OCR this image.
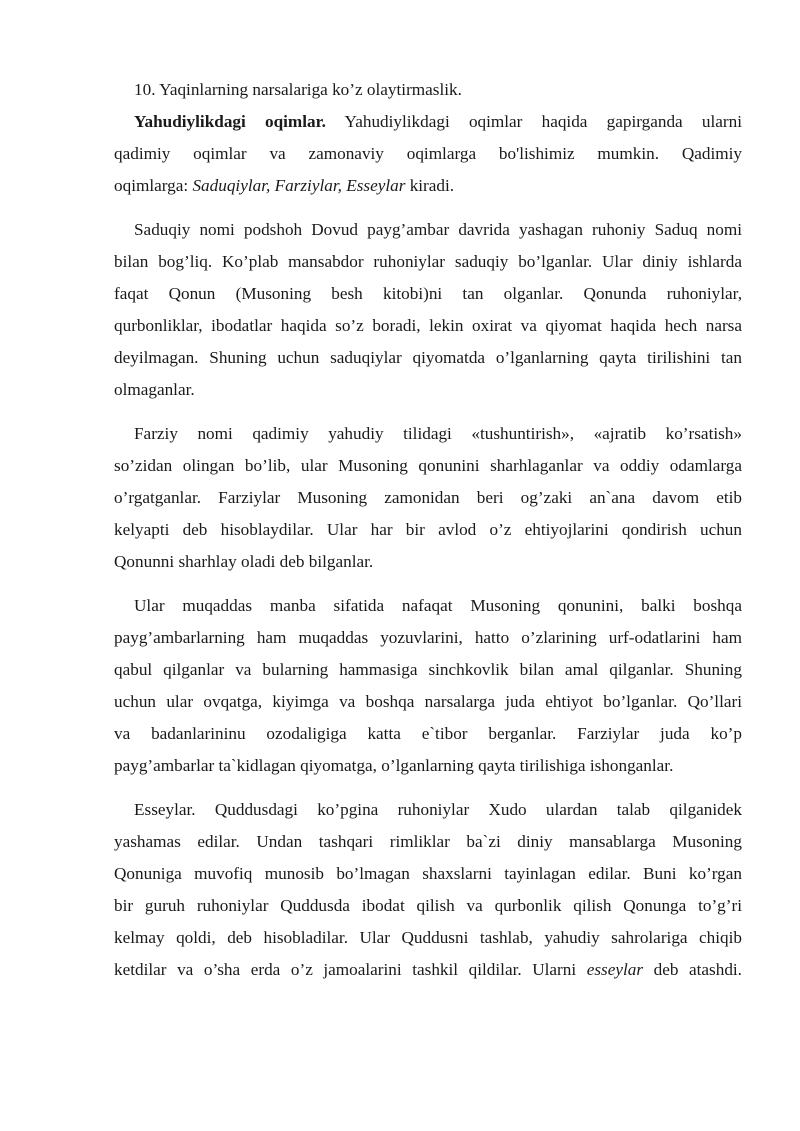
10. Yaqinlarning narsalariga ko’z olaytirmaslik.

Yahudiylikdagi oqimlar. Yahudiylikdagi oqimlar haqida gapirganda ularni
qadimiy oqimlar va zamonaviy oqimlarga bo'lishimiz mumkin. Qadimiy

oqimlarga: Saduqiylar, Farziylar, Esseylar kiradi.

Saduqiy nomi podshoh Dovud payg’ambar davrida yashagan ruhoniy Saduq nomi
bilan bog’liq. Ko’plab mansabdor ruhoniylar saduqiy bo’lganlar. Ular diniy ishlarda
faqat Qonun (Musoning besh kitobi)ni tan olganlar. Qonunda ruhoniylar,
qurbonliklar, ibodatlar haqida so’z boradi, lekin oxirat va qiyomat haqida hech narsa
deyilmagan. Shuning uchun saduqiylar qiyomatda o’lganlarning qayta tirilishini tan

olmaganlar.

Farziy nomi qadimiy yahudiy tilidagi «tushuntirish», «ajratib ko’rsatish»
so’zidan olingan bo’lib, ular Musoning qonunini sharhlaganlar va oddiy odamlarga
o’rgatganlar. Farziylar Musoning zamonidan beri og’zaki an`ana davom etib
kelyapti deb hisoblaydilar. Ular har bir avlod o’z ehtiyojlarini qondirish uchun

Qonunni sharhlay oladi deb bilganlar.

Ular muqaddas manba sifatida nafaqat Musoning qonunini, balki boshqa
payg’ambarlarning ham muqaddas yozuvlarini, hatto o’zlarining urf-odatlarini ham
qabul qilganlar va bularning hammasiga sinchkovlik bilan amal qilganlar. Shuning
uchun ular ovqatga, kiyimga va boshqa narsalarga juda ehtiyot bo’lganlar. Qo’llari
va badanlarininu ozodaligiga katta e`tibor berganlar. Farziylar juda ko’p

payg’ambarlar ta`kidlagan qiyomatga, o’lganlarning qayta tirilishiga ishonganlar.

Esseylar. Quddusdagi ko’pgina ruhoniylar Xudo ulardan talab qilganidek
yashamas edilar. Undan tashqari rimliklar ba`zi diniy mansablarga Musoning
Qonuniga muvofiq munosib bo’lmagan shaxslarni tayinlagan edilar. Buni ko’rgan
bir guruh ruhoniylar Quddusda ibodat qilish va qurbonlik qilish Qonunga to’g’ri
kelmay qoldi, deb hisobladilar. Ular Quddusni tashlab, yahudiy sahrolariga chiqib
ketdilar va o’sha erda o’z jamoalarini tashkil qildilar. Ularni esseylar deb atashdi.
